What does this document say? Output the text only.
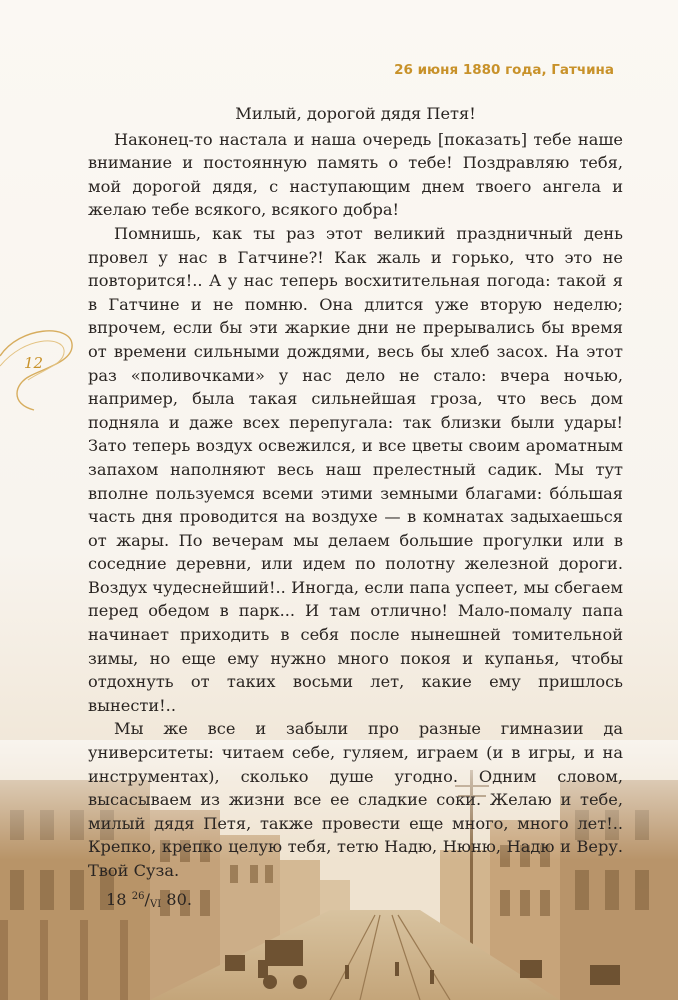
26 июня 1880 года, Гатчина
12
Милый, дорогой дядя Петя!

Наконец-то настала и наша очередь [показать] тебе наше внимание и постоянную память о тебе! Поздравляю тебя, мой дорогой дядя, с наступающим днем твоего ангела и желаю тебе всякого, всякого добра!

Помнишь, как ты раз этот великий праздничный день провел у нас в Гатчине?! Как жаль и горько, что это не повторится!.. А у нас теперь восхитительная погода: такой я в Гатчине и не помню. Она длится уже вторую неделю; впрочем, если бы эти жаркие дни не прерывались бы время от времени сильными дождями, весь бы хлеб засох. На этот раз «поливочками» у нас дело не стало: вчера ночью, например, была такая сильнейшая гроза, что весь дом подняла и даже всех перепугала: так близки были удары! Зато теперь воздух освежился, и все цветы своим ароматным запахом наполняют весь наш прелестный садик. Мы тут вполне пользуемся всеми этими земными благами: бóльшая часть дня проводится на воздухе — в комнатах задыхаешься от жары. По вечерам мы делаем большие прогулки или в соседние деревни, или идем по полотну железной дороги. Воздух чудеснейший!.. Иногда, если папа успеет, мы сбегаем перед обедом в парк... И там отлично! Мало-помалу папа начинает приходить в себя после нынешней томительной зимы, но еще ему нужно много покоя и купанья, чтобы отдохнуть от таких восьми лет, какие ему пришлось вынести!..

Мы же все и забыли про разные гимназии да университеты: читаем себе, гуляем, играем (и в игры, и на инструментах), сколько душе угодно. Одним словом, высасываем из жизни все ее сладкие соки. Желаю и тебе, милый дядя Петя, также провести еще много, много лет!.. Крепко, крепко целую тебя, тетю Надю, Нюню, Надю и Веру. Твой Суза.

18 $^{26}$/VI 80.
